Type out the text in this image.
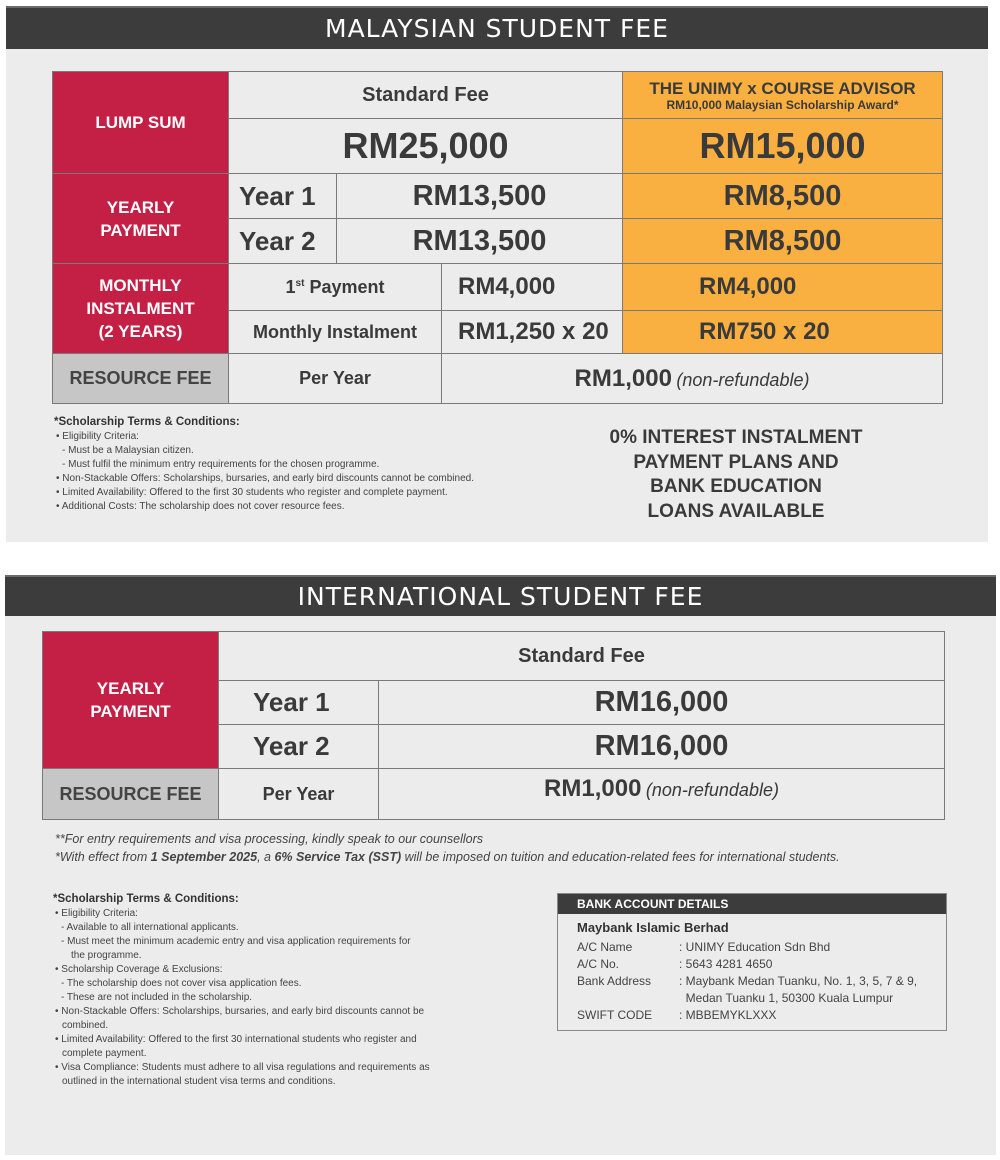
MALAYSIAN STUDENT FEE
LUMP SUM	Standard Fee			THE UNIMY x COURSE ADVISOR
RM10,000 Malaysian Scholarship Award*

	RM25,000			RM15,000

YEARLY
PAYMENT	Year 1	RM13,500		RM8,500
	Year 2	RM13,500		RM8,500

MONTHLY
INSTALMENT
(2 YEARS)	1st Payment		RM4,000	RM4,000
	Monthly Instalment		RM1,250 x 20	RM750 x 20
RESOURCE FEE	Per Year		RM1,000 (non-refundable)	
*Scholarship Terms & Conditions:
• Eligibility Criteria:
- Must be a Malaysian citizen.
- Must fulfil the minimum entry requirements for the chosen programme.
• Non-Stackable Offers: Scholarships, bursaries, and early bird discounts cannot be combined.
• Limited Availability: Offered to the first 30 students who register and complete payment.
• Additional Costs: The scholarship does not cover resource fees.
0% INTEREST INSTALMENT
PAYMENT PLANS AND
BANK EDUCATION
LOANS AVAILABLE
INTERNATIONAL STUDENT FEE
YEARLY
PAYMENT	Standard Fee	
	Year 1	RM16,000
	Year 2	RM16,000
RESOURCE FEE	Per Year	RM1,000 (non-refundable)
**For entry requirements and visa processing, kindly speak to our counsellors
*With effect from 1 September 2025, a 6% Service Tax (SST) will be imposed on tuition and education-related fees for international students.
*Scholarship Terms & Conditions:
• Eligibility Criteria:
- Available to all international applicants.
- Must meet the minimum academic entry and visa application requirements for
the programme.
• Scholarship Coverage & Exclusions:
- The scholarship does not cover visa application fees.
- These are not included in the scholarship.
• Non-Stackable Offers: Scholarships, bursaries, and early bird discounts cannot be
combined.
• Limited Availability: Offered to the first 30 international students who register and
complete payment.
• Visa Compliance: Students must adhere to all visa regulations and requirements as
outlined in the international student visa terms and conditions.
BANK ACCOUNT DETAILS
Maybank Islamic Berhad
A/C Name	: UNIMY Education Sdn Bhd
A/C No.	: 5643 4281 4650
Bank Address	: Maybank Medan Tuanku, No. 1, 3, 5, 7 & 9,
Medan Tuanku 1, 50300 Kuala Lumpur
SWIFT CODE	: MBBEMYKLXXX
